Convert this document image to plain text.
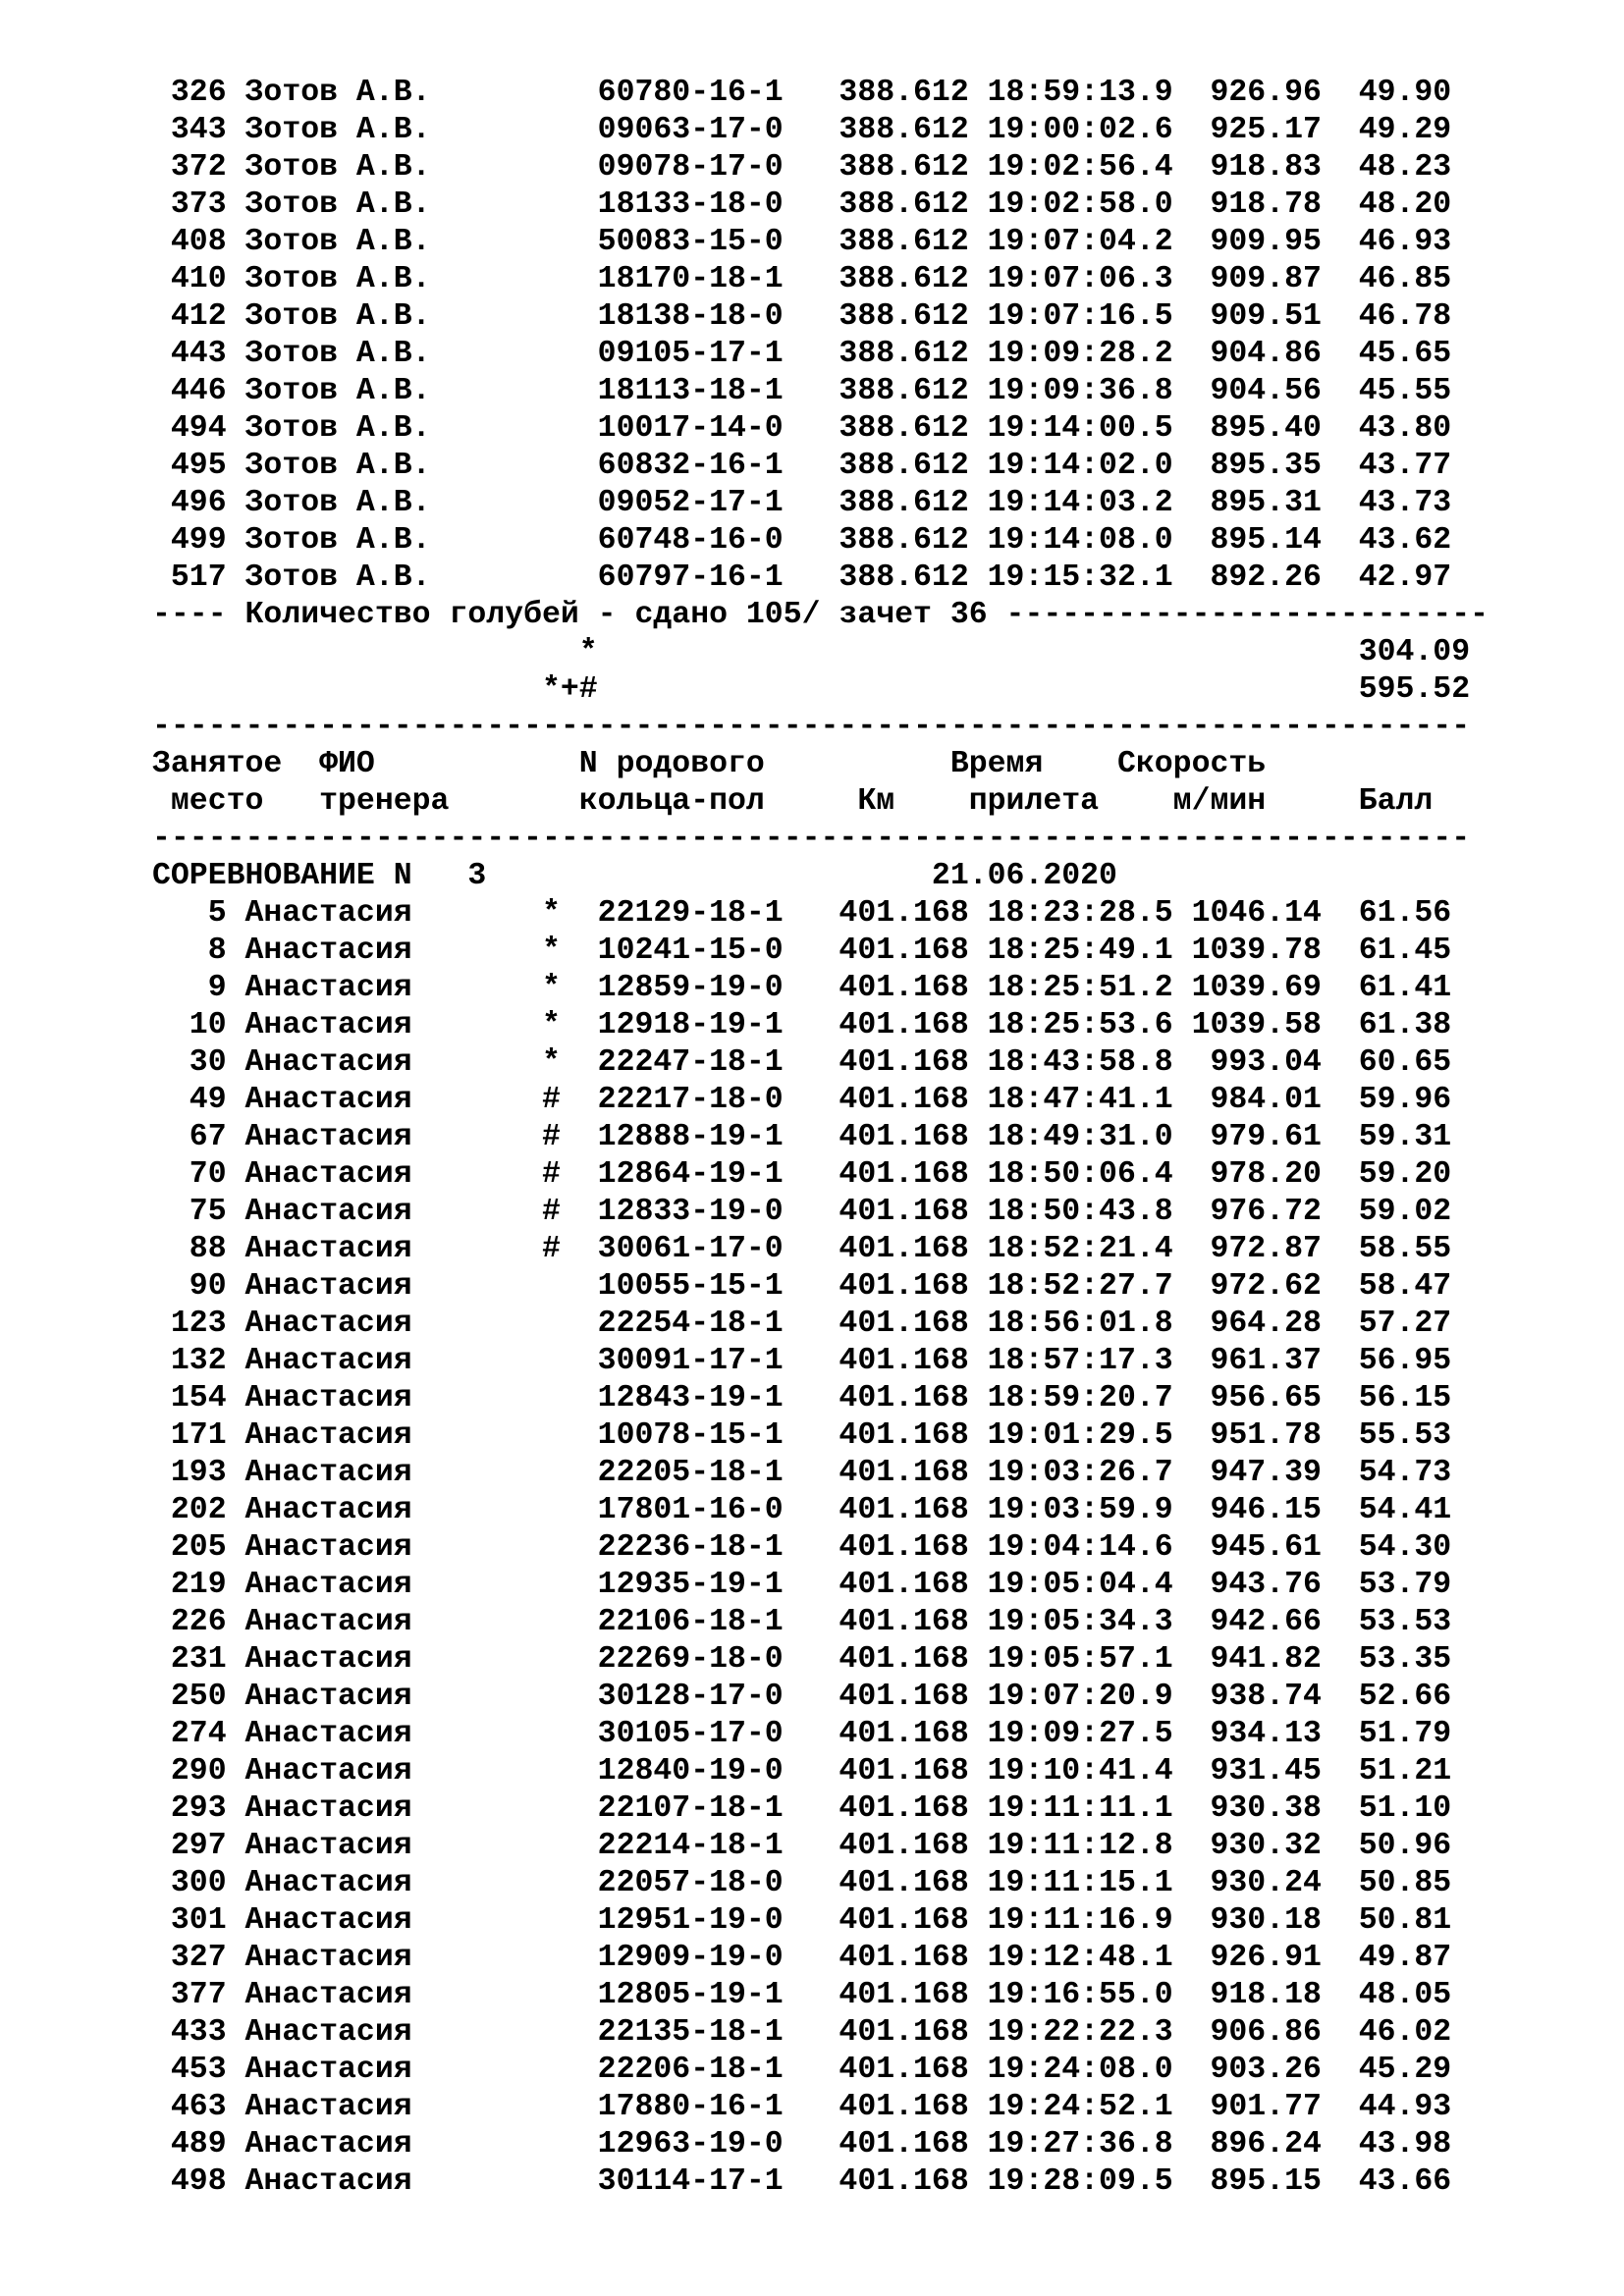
326 Зотов А.В.         60780-16-1   388.612 18:59:13.9  926.96  49.90
343 Зотов А.В.         09063-17-0   388.612 19:00:02.6  925.17  49.29
372 Зотов А.В.         09078-17-0   388.612 19:02:56.4  918.83  48.23
373 Зотов А.В.         18133-18-0   388.612 19:02:58.0  918.78  48.20
408 Зотов А.В.         50083-15-0   388.612 19:07:04.2  909.95  46.93
410 Зотов А.В.         18170-18-1   388.612 19:07:06.3  909.87  46.85
412 Зотов А.В.         18138-18-0   388.612 19:07:16.5  909.51  46.78
443 Зотов А.В.         09105-17-1   388.612 19:09:28.2  904.86  45.65
446 Зотов А.В.         18113-18-1   388.612 19:09:36.8  904.56  45.55
494 Зотов А.В.         10017-14-0   388.612 19:14:00.5  895.40  43.80
495 Зотов А.В.         60832-16-1   388.612 19:14:02.0  895.35  43.77
496 Зотов А.В.         09052-17-1   388.612 19:14:03.2  895.31  43.73
499 Зотов А.В.         60748-16-0   388.612 19:14:08.0  895.14  43.62
517 Зотов А.В.         60797-16-1   388.612 19:15:32.1  892.26  42.97
---- Количество голубей - сдано 105/ зачет 36 --------------------------
*                                         304.09
*+#                                         595.52
-----------------------------------------------------------------------
Занятое  ФИО           N родового          Время    Скорость
место   тренера       кольца-пол     Км    прилета    м/мин     Балл
-----------------------------------------------------------------------
СОРЕВНОВАНИЕ N   3                        21.06.2020
5 Анастасия       *  22129-18-1   401.168 18:23:28.5 1046.14  61.56
8 Анастасия       *  10241-15-0   401.168 18:25:49.1 1039.78  61.45
9 Анастасия       *  12859-19-0   401.168 18:25:51.2 1039.69  61.41
10 Анастасия       *  12918-19-1   401.168 18:25:53.6 1039.58  61.38
30 Анастасия       *  22247-18-1   401.168 18:43:58.8  993.04  60.65
49 Анастасия       #  22217-18-0   401.168 18:47:41.1  984.01  59.96
67 Анастасия       #  12888-19-1   401.168 18:49:31.0  979.61  59.31
70 Анастасия       #  12864-19-1   401.168 18:50:06.4  978.20  59.20
75 Анастасия       #  12833-19-0   401.168 18:50:43.8  976.72  59.02
88 Анастасия       #  30061-17-0   401.168 18:52:21.4  972.87  58.55
90 Анастасия          10055-15-1   401.168 18:52:27.7  972.62  58.47
123 Анастасия          22254-18-1   401.168 18:56:01.8  964.28  57.27
132 Анастасия          30091-17-1   401.168 18:57:17.3  961.37  56.95
154 Анастасия          12843-19-1   401.168 18:59:20.7  956.65  56.15
171 Анастасия          10078-15-1   401.168 19:01:29.5  951.78  55.53
193 Анастасия          22205-18-1   401.168 19:03:26.7  947.39  54.73
202 Анастасия          17801-16-0   401.168 19:03:59.9  946.15  54.41
205 Анастасия          22236-18-1   401.168 19:04:14.6  945.61  54.30
219 Анастасия          12935-19-1   401.168 19:05:04.4  943.76  53.79
226 Анастасия          22106-18-1   401.168 19:05:34.3  942.66  53.53
231 Анастасия          22269-18-0   401.168 19:05:57.1  941.82  53.35
250 Анастасия          30128-17-0   401.168 19:07:20.9  938.74  52.66
274 Анастасия          30105-17-0   401.168 19:09:27.5  934.13  51.79
290 Анастасия          12840-19-0   401.168 19:10:41.4  931.45  51.21
293 Анастасия          22107-18-1   401.168 19:11:11.1  930.38  51.10
297 Анастасия          22214-18-1   401.168 19:11:12.8  930.32  50.96
300 Анастасия          22057-18-0   401.168 19:11:15.1  930.24  50.85
301 Анастасия          12951-19-0   401.168 19:11:16.9  930.18  50.81
327 Анастасия          12909-19-0   401.168 19:12:48.1  926.91  49.87
377 Анастасия          12805-19-1   401.168 19:16:55.0  918.18  48.05
433 Анастасия          22135-18-1   401.168 19:22:22.3  906.86  46.02
453 Анастасия          22206-18-1   401.168 19:24:08.0  903.26  45.29
463 Анастасия          17880-16-1   401.168 19:24:52.1  901.77  44.93
489 Анастасия          12963-19-0   401.168 19:27:36.8  896.24  43.98
498 Анастасия          30114-17-1   401.168 19:28:09.5  895.15  43.66
